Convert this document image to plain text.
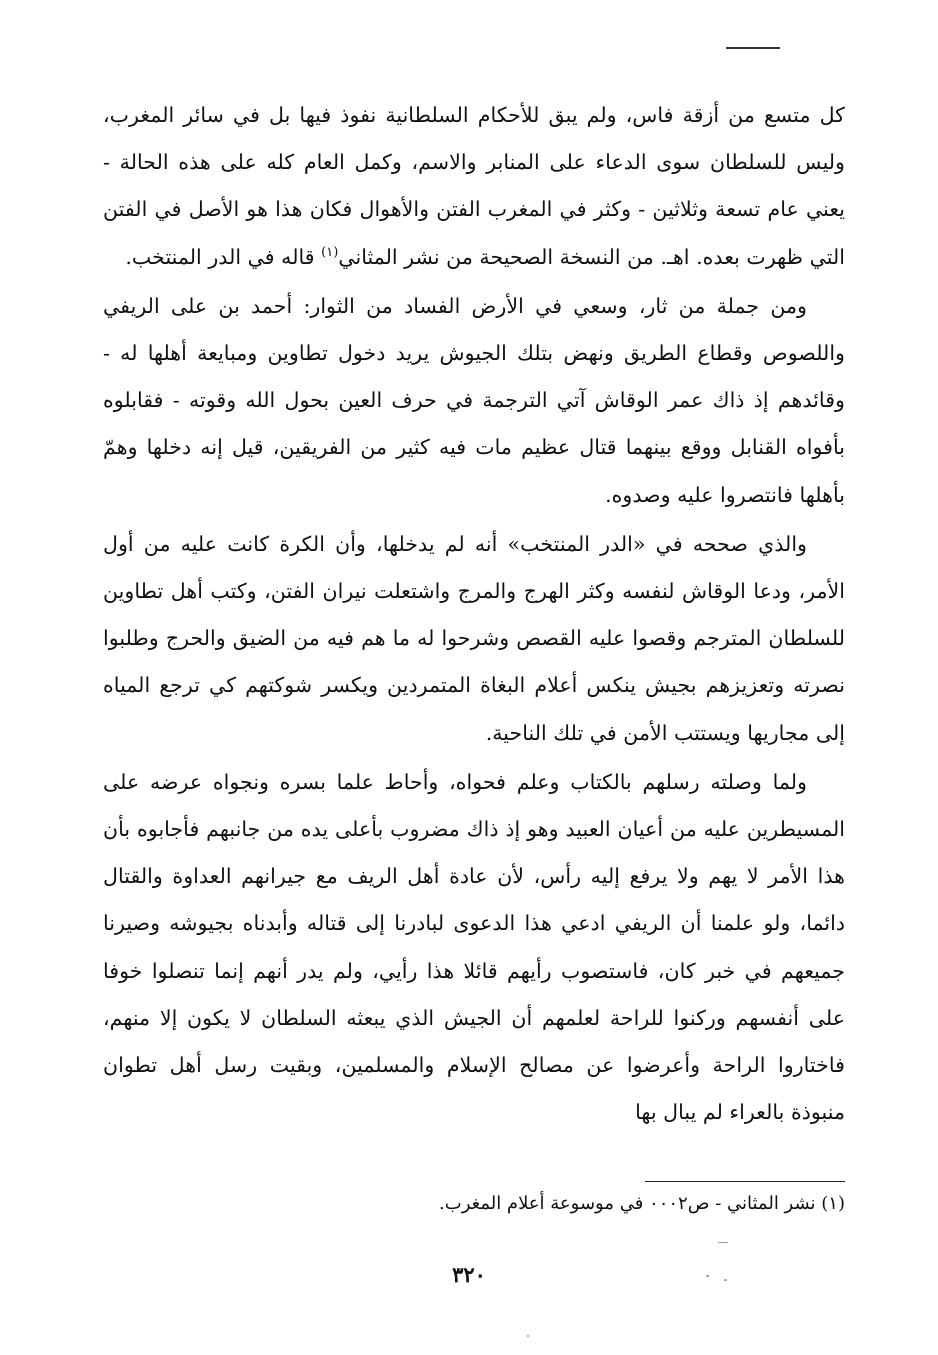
كل متسع من أزقة فاس، ولم يبق للأحكام السلطانية نفوذ فيها بل في سائر المغرب، وليس للسلطان سوى الدعاء على المنابر والاسم، وكمل العام كله على هذه الحالة - يعني عام تسعة وثلاثين - وكثر في المغرب الفتن والأهوال فكان هذا هو الأصل في الفتن التي ظهرت بعده. اهـ. من النسخة الصحيحة من نشر المثاني$^{(١)}$ قاله في الدر المنتخب.

ومن جملة من ثار، وسعي في الأرض الفساد من الثوار: أحمد بن على الريفي واللصوص وقطاع الطريق ونهض بتلك الجيوش يريد دخول تطاوين ومبايعة أهلها له - وقائدهم إذ ذاك عمر الوقاش آتي الترجمة في حرف العين بحول الله وقوته - فقابلوه بأفواه القنابل ووقع بينهما قتال عظيم مات فيه كثير من الفريقين، قيل إنه دخلها وهمّ بأهلها فانتصروا عليه وصدوه.

والذي صححه في «الدر المنتخب» أنه لم يدخلها، وأن الكرة كانت عليه من أول الأمر، ودعا الوقاش لنفسه وكثر الهرج والمرج واشتعلت نيران الفتن، وكتب أهل تطاوين للسلطان المترجم وقصوا عليه القصص وشرحوا له ما هم فيه من الضيق والحرج وطلبوا نصرته وتعزيزهم بجيش ينكس أعلام البغاة المتمردين ويكسر شوكتهم كي ترجع المياه إلى مجاريها ويستتب الأمن في تلك الناحية.

ولما وصلته رسلهم بالكتاب وعلم فحواه، وأحاط علما بسره ونجواه عرضه على المسيطرين عليه من أعيان العبيد وهو إذ ذاك مضروب بأعلى يده من جانبهم فأجابوه بأن هذا الأمر لا يهم ولا يرفع إليه رأس، لأن عادة أهل الريف مع جيرانهم العداوة والقتال دائما، ولو علمنا أن الريفي ادعي هذا الدعوى لبادرنا إلى قتاله وأبدناه بجيوشه وصيرنا جميعهم في خبر كان، فاستصوب رأيهم قائلا هذا رأيي، ولم يدر أنهم إنما تنصلوا خوفا على أنفسهم وركنوا للراحة لعلمهم أن الجيش الذي يبعثه السلطان لا يكون إلا منهم، فاختاروا الراحة وأعرضوا عن مصالح الإسلام والمسلمين، وبقيت رسل أهل تطوان منبوذة بالعراء لم يبال بها

(١) نشر المثاني - ص٠٠٠٢ في موسوعة أعلام المغرب.

٣٢٠
